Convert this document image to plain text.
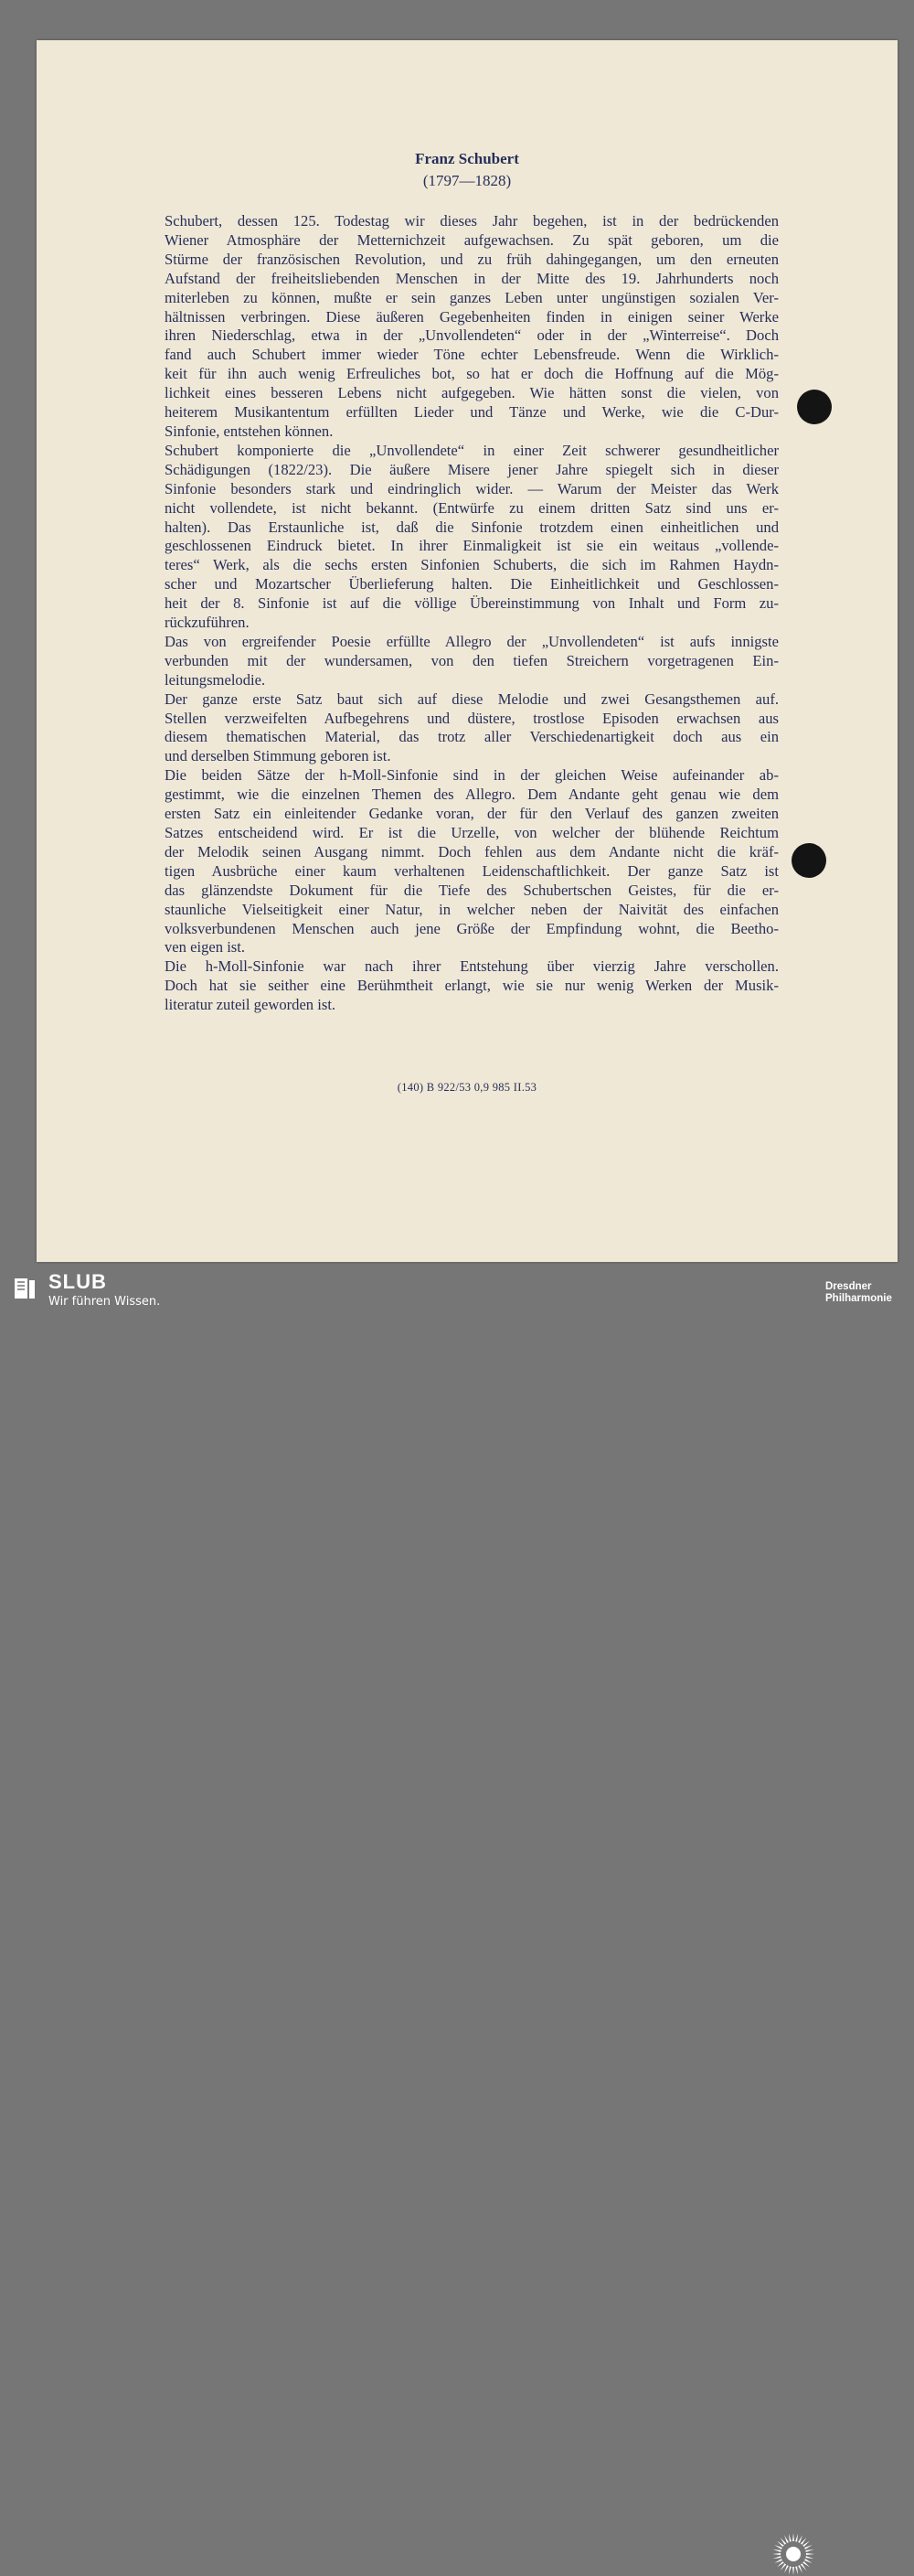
Franz Schubert
(1797—1828)
Schubert, dessen 125. Todestag wir dieses Jahr begehen, ist in der bedrückenden
Wiener Atmosphäre der Metternichzeit aufgewachsen. Zu spät geboren, um die
Stürme der französischen Revolution, und zu früh dahingegangen, um den erneuten
Aufstand der freiheitsliebenden Menschen in der Mitte des 19. Jahrhunderts noch
miterleben zu können, mußte er sein ganzes Leben unter ungünstigen sozialen Ver-
hältnissen verbringen. Diese äußeren Gegebenheiten finden in einigen seiner Werke
ihren Niederschlag, etwa in der „Unvollendeten“ oder in der „Winterreise“. Doch
fand auch Schubert immer wieder Töne echter Lebensfreude. Wenn die Wirklich-
keit für ihn auch wenig Erfreuliches bot, so hat er doch die Hoffnung auf die Mög-
lichkeit eines besseren Lebens nicht aufgegeben. Wie hätten sonst die vielen, von
heiterem Musikantentum erfüllten Lieder und Tänze und Werke, wie die C-Dur-
Sinfonie, entstehen können.
Schubert komponierte die „Unvollendete“ in einer Zeit schwerer gesundheitlicher
Schädigungen (1822/23). Die äußere Misere jener Jahre spiegelt sich in dieser
Sinfonie besonders stark und eindringlich wider. — Warum der Meister das Werk
nicht vollendete, ist nicht bekannt. (Entwürfe zu einem dritten Satz sind uns er-
halten). Das Erstaunliche ist, daß die Sinfonie trotzdem einen einheitlichen und
geschlossenen Eindruck bietet. In ihrer Einmaligkeit ist sie ein weitaus „vollende-
teres“ Werk, als die sechs ersten Sinfonien Schuberts, die sich im Rahmen Haydn-
scher und Mozartscher Überlieferung halten. Die Einheitlichkeit und Geschlossen-
heit der 8. Sinfonie ist auf die völlige Übereinstimmung von Inhalt und Form zu-
rückzuführen.
Das von ergreifender Poesie erfüllte Allegro der „Unvollendeten“ ist aufs innigste
verbunden mit der wundersamen, von den tiefen Streichern vorgetragenen Ein-
leitungsmelodie.
Der ganze erste Satz baut sich auf diese Melodie und zwei Gesangsthemen auf.
Stellen verzweifelten Aufbegehrens und düstere, trostlose Episoden erwachsen aus
diesem thematischen Material, das trotz aller Verschiedenartigkeit doch aus ein
und derselben Stimmung geboren ist.
Die beiden Sätze der h-Moll-Sinfonie sind in der gleichen Weise aufeinander ab-
gestimmt, wie die einzelnen Themen des Allegro. Dem Andante geht genau wie dem
ersten Satz ein einleitender Gedanke voran, der für den Verlauf des ganzen zweiten
Satzes entscheidend wird. Er ist die Urzelle, von welcher der blühende Reichtum
der Melodik seinen Ausgang nimmt. Doch fehlen aus dem Andante nicht die kräf-
tigen Ausbrüche einer kaum verhaltenen Leidenschaftlichkeit. Der ganze Satz ist
das glänzendste Dokument für die Tiefe des Schubertschen Geistes, für die er-
staunliche Vielseitigkeit einer Natur, in welcher neben der Naivität des einfachen
volksverbundenen Menschen auch jene Größe der Empfindung wohnt, die Beetho-
ven eigen ist.
Die h-Moll-Sinfonie war nach ihrer Entstehung über vierzig Jahre verschollen.
Doch hat sie seither eine Berühmtheit erlangt, wie sie nur wenig Werken der Musik-
literatur zuteil geworden ist.
(140) B 922/53 0,9 985 II.53
SLUB
Wir führen Wissen.
Dresdner
Philharmonie
